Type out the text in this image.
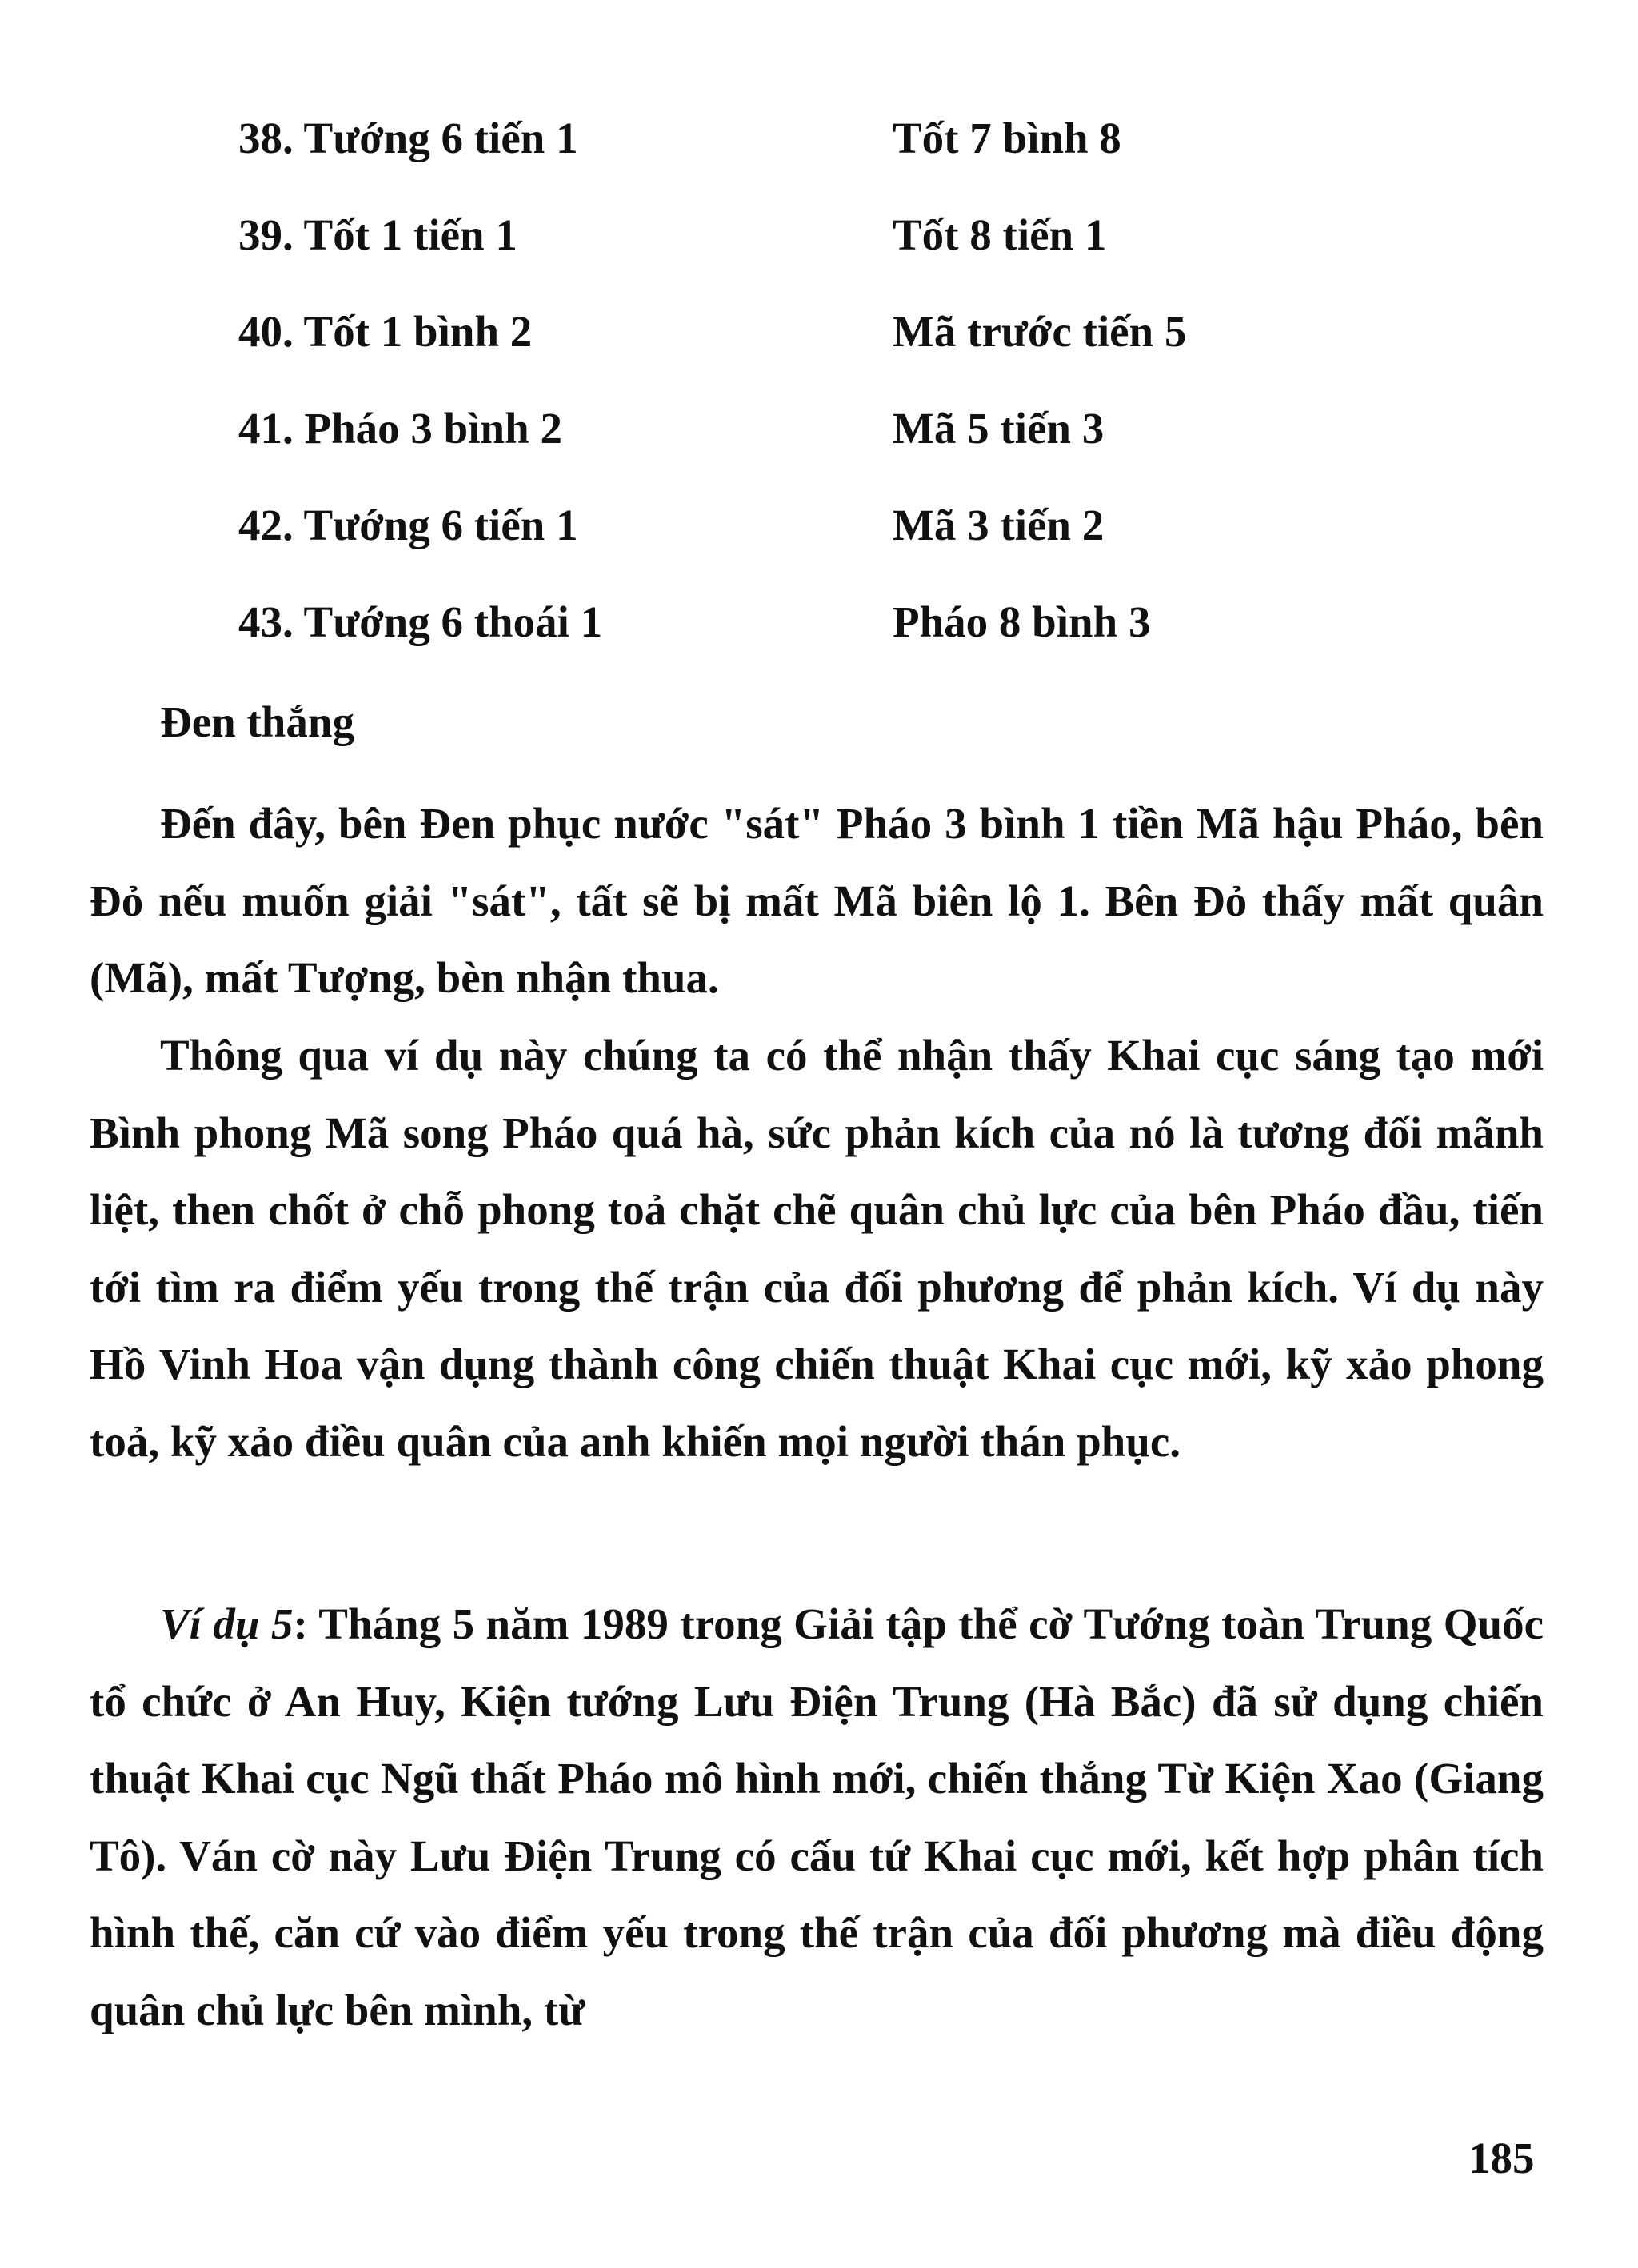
38. Tướng 6 tiến 1	Tốt 7 bình 8
39. Tốt 1 tiến 1	Tốt 8 tiến 1
40. Tốt 1 bình 2	Mã trước tiến 5
41. Pháo 3 bình 2	Mã 5 tiến 3
42. Tướng 6 tiến 1	Mã 3 tiến 2
43. Tướng 6 thoái 1	Pháo 8 bình 3
Đen thắng

Đến đây, bên Đen phục nước "sát" Pháo 3 bình 1 tiền Mã hậu Pháo, bên Đỏ nếu muốn giải "sát", tất sẽ bị mất Mã biên lộ 1. Bên Đỏ thấy mất quân (Mã), mất Tượng, bèn nhận thua.

Thông qua ví dụ này chúng ta có thể nhận thấy Khai cục sáng tạo mới Bình phong Mã song Pháo quá hà, sức phản kích của nó là tương đối mãnh liệt, then chốt ở chỗ phong toả chặt chẽ quân chủ lực của bên Pháo đầu, tiến tới tìm ra điểm yếu trong thế trận của đối phương để phản kích. Ví dụ này Hồ Vinh Hoa vận dụng thành công chiến thuật Khai cục mới, kỹ xảo phong toả, kỹ xảo điều quân của anh khiến mọi người thán phục.

Ví dụ 5: Tháng 5 năm 1989 trong Giải tập thể cờ Tướng toàn Trung Quốc tổ chức ở An Huy, Kiện tướng Lưu Điện Trung (Hà Bắc) đã sử dụng chiến thuật Khai cục Ngũ thất Pháo mô hình mới, chiến thắng Từ Kiện Xao (Giang Tô). Ván cờ này Lưu Điện Trung có cấu tứ Khai cục mới, kết hợp phân tích hình thế, căn cứ vào điểm yếu trong thế trận của đối phương mà điều động quân chủ lực bên mình, từ

185
